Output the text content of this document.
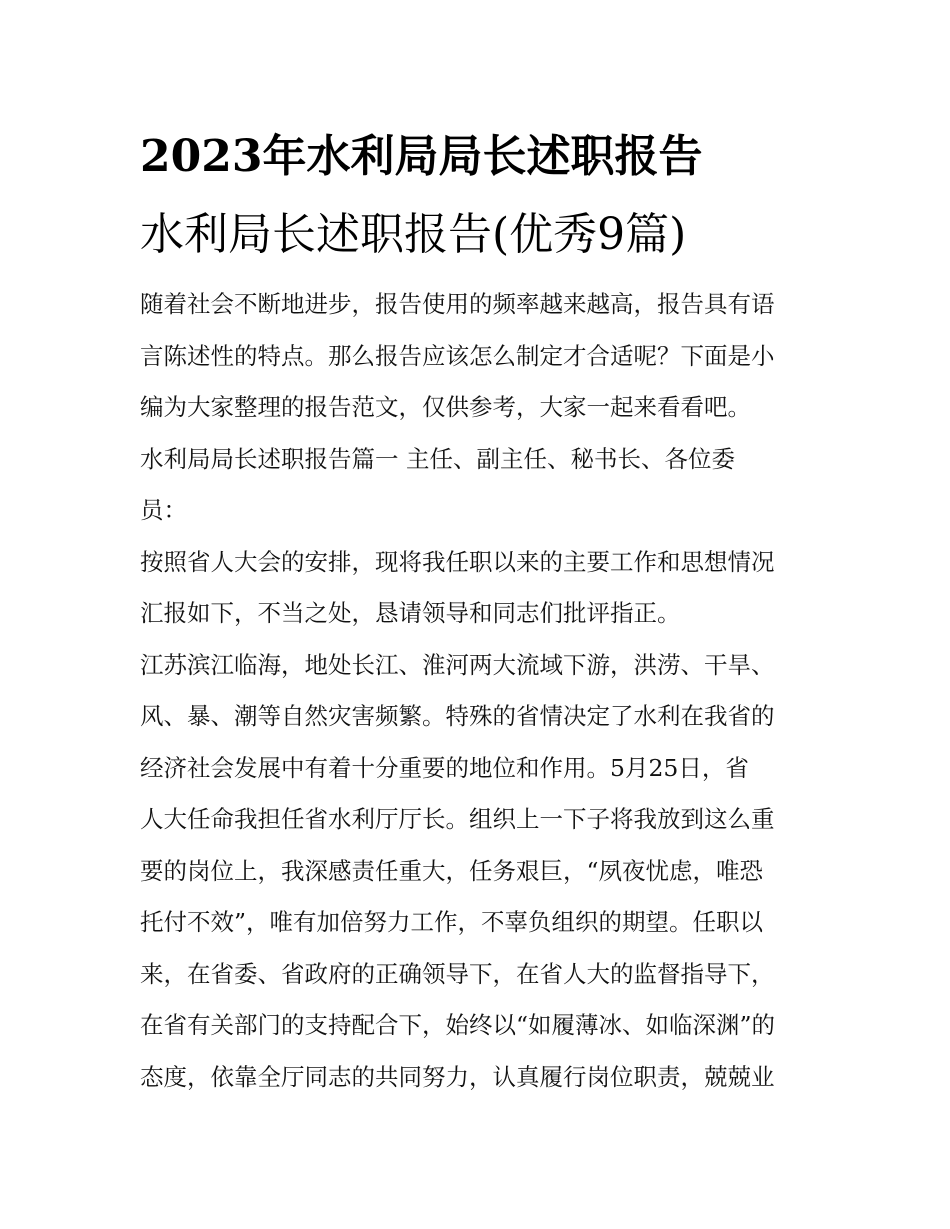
2023年水利局局长述职报告
水利局长述职报告(优秀9篇)
随着社会不断地进步，报告使用的频率越来越高，报告具有语
言陈述性的特点。那么报告应该怎么制定才合适呢？下面是小
编为大家整理的报告范文，仅供参考，大家一起来看看吧。
水利局局长述职报告篇一 主任、副主任、秘书长、各位委
员：
按照省人大会的安排，现将我任职以来的主要工作和思想情况
汇报如下，不当之处，恳请领导和同志们批评指正。
江苏滨江临海，地处长江、淮河两大流域下游，洪涝、干旱、
风、暴、潮等自然灾害频繁。特殊的省情决定了水利在我省的
经济社会发展中有着十分重要的地位和作用。5月25日，省
人大任命我担任省水利厅厅长。组织上一下子将我放到这么重
要的岗位上，我深感责任重大，任务艰巨，“夙夜忧虑，唯恐
托付不效”，唯有加倍努力工作，不辜负组织的期望。任职以
来，在省委、省政府的正确领导下，在省人大的监督指导下，
在省有关部门的支持配合下，始终以“如履薄冰、如临深渊”的
态度，依靠全厅同志的共同努力，认真履行岗位职责，兢兢业
